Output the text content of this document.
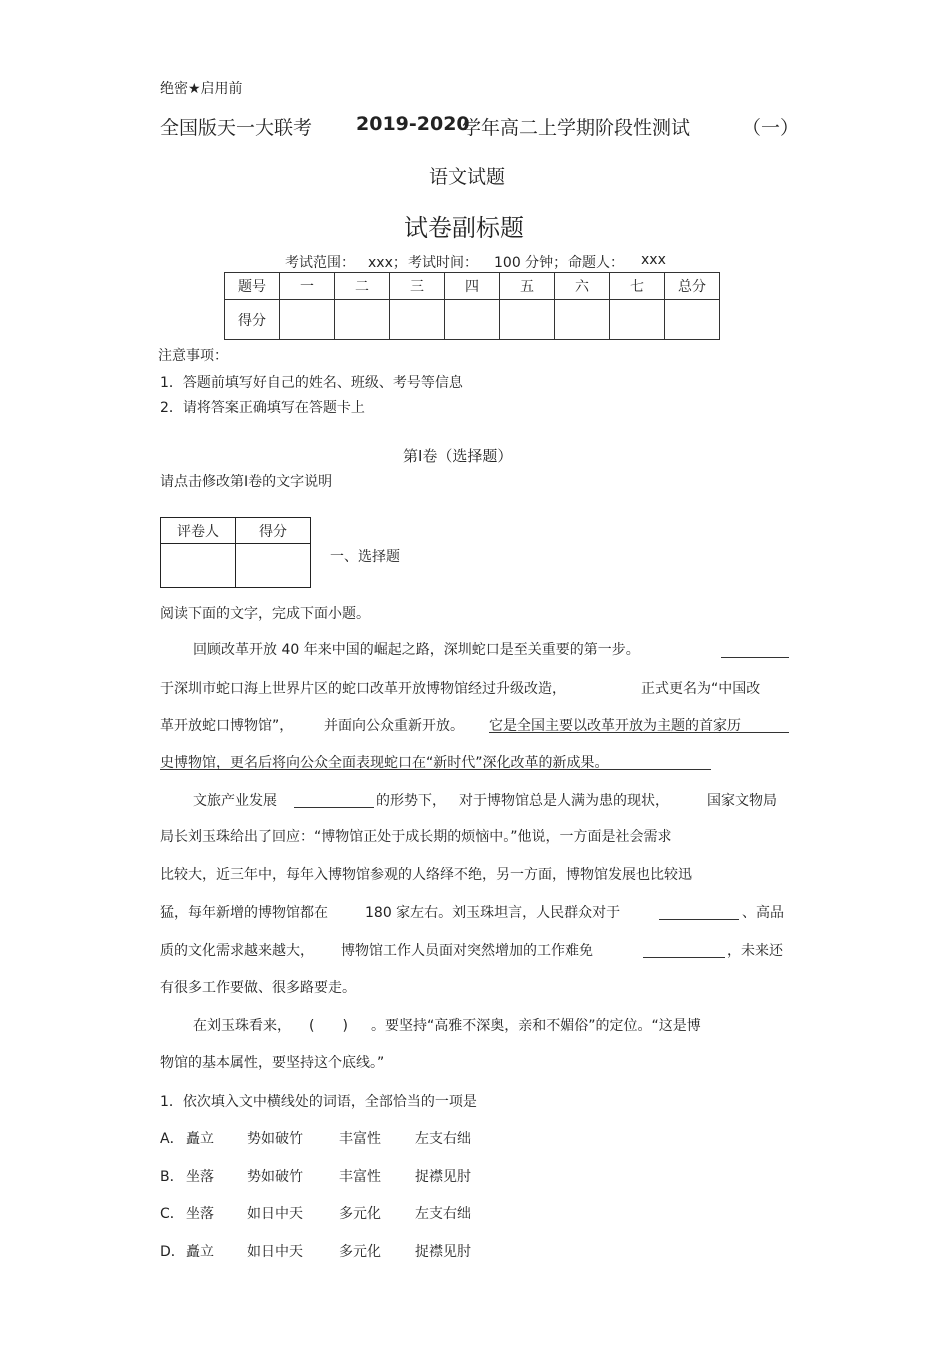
绝密★启用前
全国版天一大联考 2019-2020
学年高二上学期阶段性测试	（一）
语文试题
试卷副标题
考试范围： xxx； 考试时间： 100 分钟； 命题人： xxx
题号	一	二	三	四	五	六	七	总分
得分								
注意事项：
1．答题前填写好自己的姓名、班级、考号等信息
2．请将答案正确填写在答题卡上
第Ⅰ卷（选择题）
请点击修改第Ⅰ卷的文字说明
评卷人	得分

一、选择题
阅读下面的文字，完成下面小题。
回顾改革开放 40 年来中国的崛起之路，深圳蛇口是至关重要的第一步。
于深圳市蛇口海上世界片区的蛇口改革开放博物馆经过升级改造，	正式更名为“中国改
革开放蛇口博物馆”， 并面向公众重新开放。 它是全国主要以改革开放为主题的首家历
史博物馆，更名后将向公众全面表现蛇口在“新时代”深化改革的新成果。
文旅产业发展	的形势下， 对于博物馆总是人满为患的现状，	国家文物局
局长刘玉珠给出了回应：“博物馆正处于成长期的烦恼中。”他说，一方面是社会需求
比较大，近三年中，每年入博物馆参观的人络绎不绝，另一方面，博物馆发展也比较迅
猛，每年新增的博物馆都在	180 家左右。刘玉珠坦言，人民群众对于	、高品
质的文化需求越来越大， 博物馆工作人员面对突然增加的工作难免	，未来还
有很多工作要做、很多路要走。
在刘玉珠看来， (　　) 。要坚持“高雅不深奥，亲和不媚俗”的定位。“这是博
物馆的基本属性，要坚持这个底线。”
1．依次填入文中横线处的词语，全部恰当的一项是
A． 矗立 势如破竹	丰富性 左支右绌
B． 坐落 势如破竹	丰富性 捉襟见肘
C． 坐落 如日中天	多元化 左支右绌
D． 矗立 如日中天	多元化 捉襟见肘
